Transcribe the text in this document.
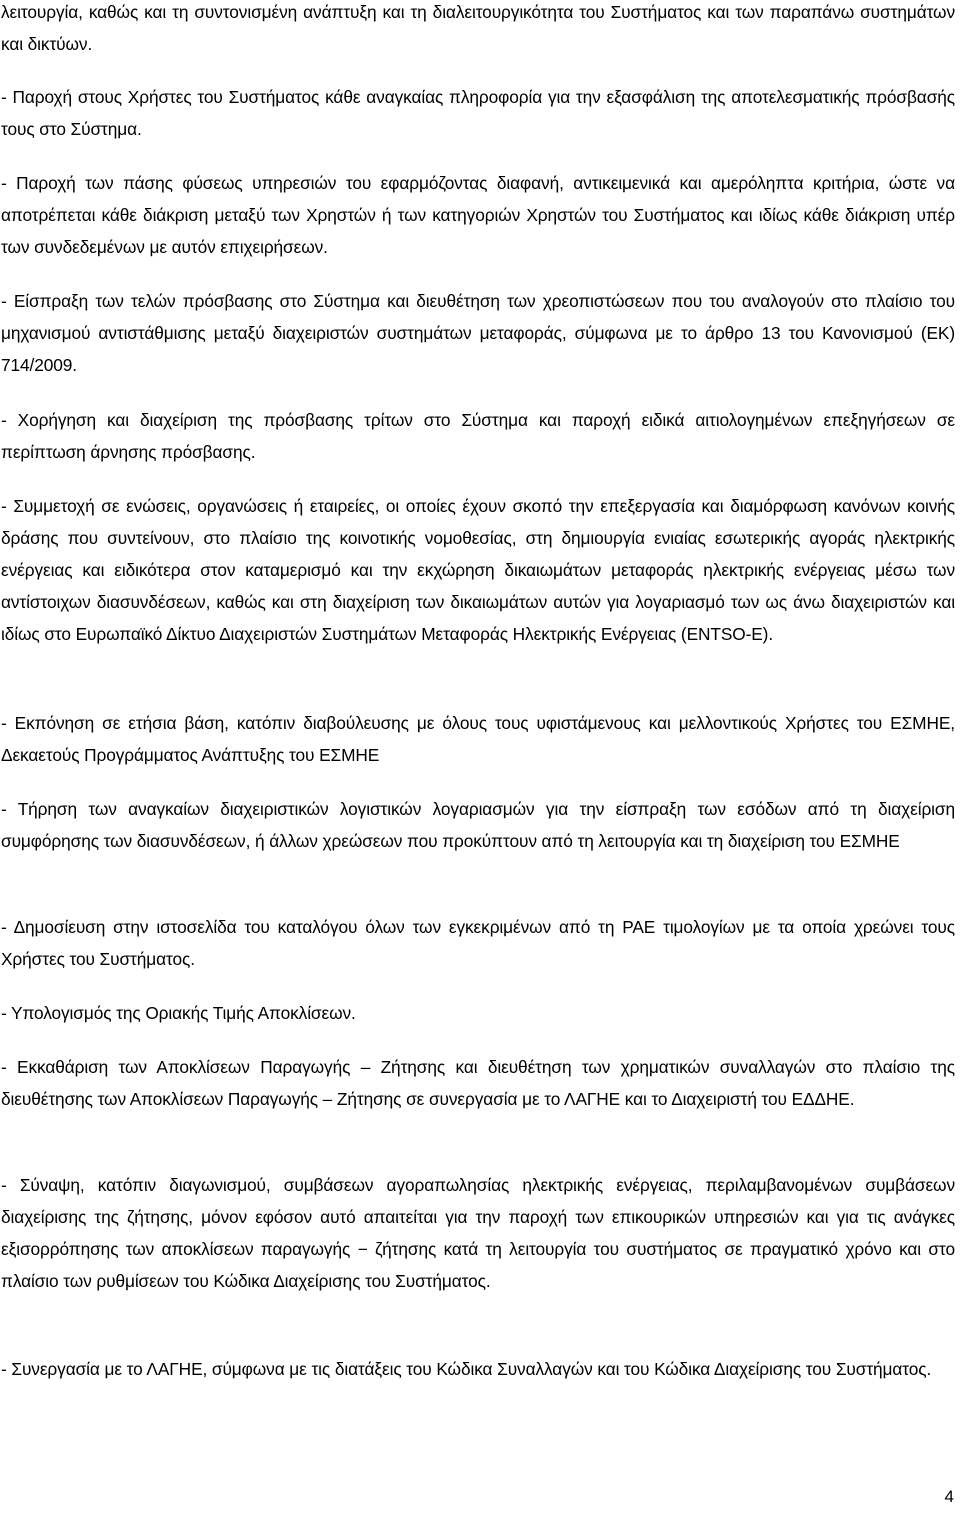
λειτουργία, καθώς και τη συντονισμένη ανάπτυξη και τη διαλειτουργικότητα του Συστήματος και των παραπάνω συστημάτων και δικτύων.

- Παροχή στους Χρήστες του Συστήματος κάθε αναγκαίας πληροφορία για την εξασφάλιση της αποτελεσματικής πρόσβασής τους στο Σύστημα.

- Παροχή των πάσης φύσεως υπηρεσιών του εφαρμόζοντας διαφανή, αντικειμενικά και αμερόληπτα κριτήρια, ώστε να αποτρέπεται κάθε διάκριση μεταξύ των Χρηστών ή των κατηγοριών Χρηστών του Συστήματος και ιδίως κάθε διάκριση υπέρ των συνδεδεμένων με αυτόν επιχειρήσεων.

- Είσπραξη των τελών πρόσβασης στο Σύστημα και διευθέτηση των χρεοπιστώσεων που του αναλογούν στο πλαίσιο του μηχανισμού αντιστάθμισης μεταξύ διαχειριστών συστημάτων μεταφοράς, σύμφωνα με το άρθρο 13 του Κανονισμού (ΕΚ) 714/2009.

- Χορήγηση και διαχείριση της πρόσβασης τρίτων στο Σύστημα και παροχή ειδικά αιτιολογημένων επεξηγήσεων σε περίπτωση άρνησης πρόσβασης.

- Συμμετοχή σε ενώσεις, οργανώσεις ή εταιρείες, οι οποίες έχουν σκοπό την επεξεργασία και διαμόρφωση κανόνων κοινής δράσης που συντείνουν, στο πλαίσιο της κοινοτικής νομοθεσίας, στη δημιουργία ενιαίας εσωτερικής αγοράς ηλεκτρικής ενέργειας και ειδικότερα στον καταμερισμό και την εκχώρηση δικαιωμάτων μεταφοράς ηλεκτρικής ενέργειας μέσω των αντίστοιχων διασυνδέσεων, καθώς και στη διαχείριση των δικαιωμάτων αυτών για λογαριασμό των ως άνω διαχειριστών και ιδίως στο Ευρωπαϊκό Δίκτυο Διαχειριστών Συστημάτων Μεταφοράς Ηλεκτρικής Ενέργειας (ENTSO-E).

- Εκπόνηση σε ετήσια βάση, κατόπιν διαβούλευσης με όλους τους υφιστάμενους και μελλοντικούς Χρήστες του ΕΣΜΗΕ, Δεκαετούς Προγράμματος Ανάπτυξης του ΕΣΜΗΕ

- Τήρηση των αναγκαίων διαχειριστικών λογιστικών λογαριασμών για την είσπραξη των εσόδων από τη διαχείριση συμφόρησης των διασυνδέσεων, ή άλλων χρεώσεων που προκύπτουν από τη λειτουργία και τη διαχείριση του ΕΣΜΗΕ

- Δημοσίευση στην ιστοσελίδα του καταλόγου όλων των εγκεκριμένων από τη ΡΑΕ τιμολογίων με τα οποία χρεώνει τους Χρήστες του Συστήματος.

- Υπολογισμός της Οριακής Τιμής Αποκλίσεων.

- Εκκαθάριση των Αποκλίσεων Παραγωγής – Ζήτησης και διευθέτηση των χρηματικών συναλλαγών στο πλαίσιο της διευθέτησης των Αποκλίσεων Παραγωγής – Ζήτησης σε συνεργασία με το ΛΑΓΗΕ και το Διαχειριστή του ΕΔΔΗΕ.

- Σύναψη, κατόπιν διαγωνισμού, συμβάσεων αγοραπωλησίας ηλεκτρικής ενέργειας, περιλαμβανομένων συμβάσεων διαχείρισης της ζήτησης, μόνον εφόσον αυτό απαιτείται για την παροχή των επικουρικών υπηρεσιών και για τις ανάγκες εξισορρόπησης των αποκλίσεων παραγωγής − ζήτησης κατά τη λειτουργία του συστήματος σε πραγματικό χρόνο και στο πλαίσιο των ρυθμίσεων του Κώδικα Διαχείρισης του Συστήματος.

- Συνεργασία με το ΛΑΓΗΕ, σύμφωνα με τις διατάξεις του Κώδικα Συναλλαγών και του Κώδικα Διαχείρισης του Συστήματος.

4
